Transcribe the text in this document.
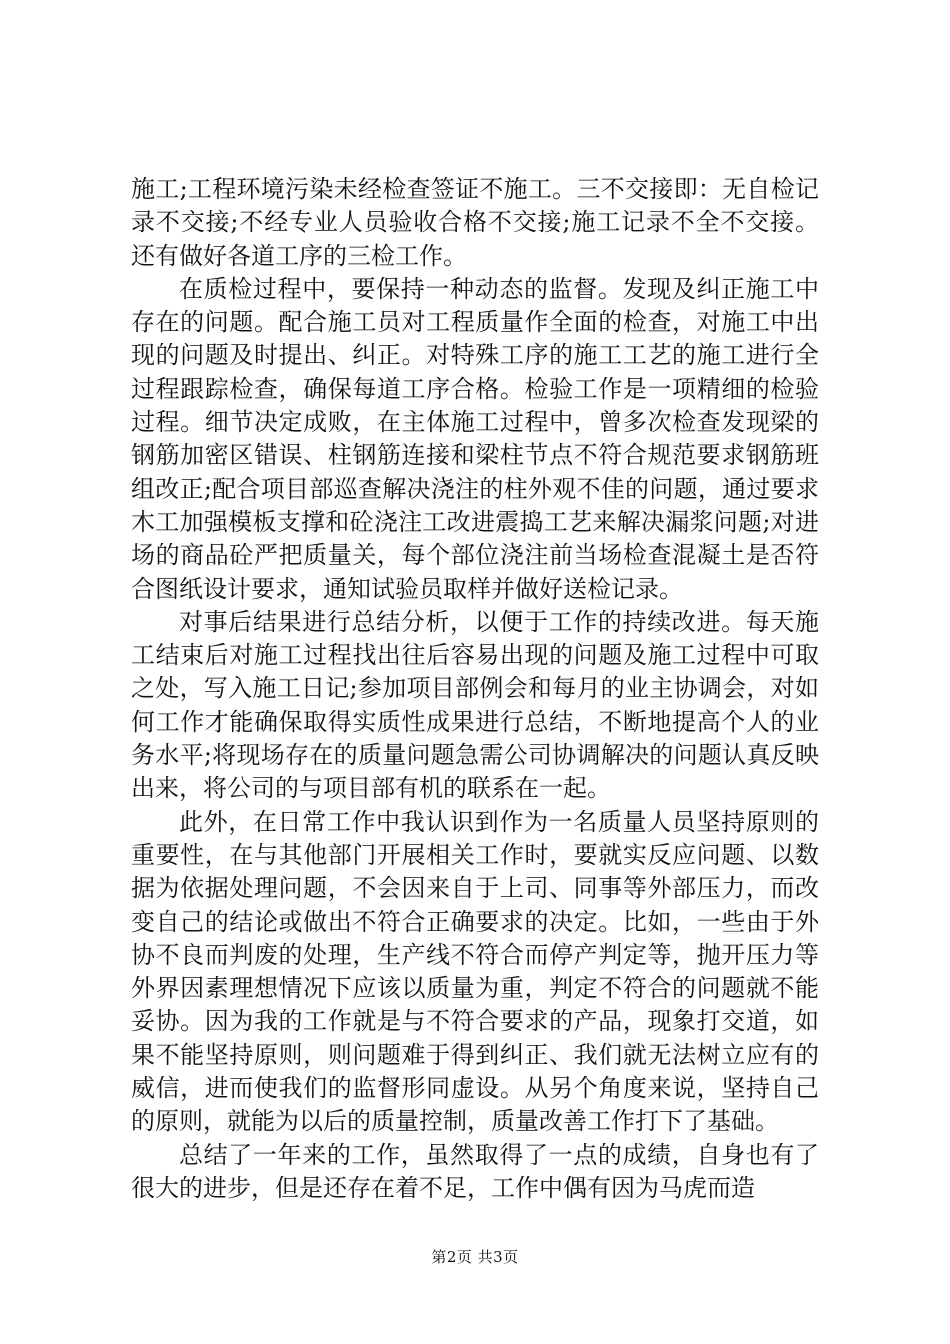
施工;工程环境污染未经检查签证不施工。三不交接即：无自检记录不交接;不经专业人员验收合格不交接;施工记录不全不交接。还有做好各道工序的三检工作。

在质检过程中，要保持一种动态的监督。发现及纠正施工中存在的问题。配合施工员对工程质量作全面的检查，对施工中出现的问题及时提出、纠正。对特殊工序的施工工艺的施工进行全过程跟踪检查，确保每道工序合格。检验工作是一项精细的检验过程。细节决定成败，在主体施工过程中，曾多次检查发现梁的钢筋加密区错误、柱钢筋连接和梁柱节点不符合规范要求钢筋班组改正;配合项目部巡查解决浇注的柱外观不佳的问题，通过要求木工加强模板支撑和砼浇注工改进震捣工艺来解决漏浆问题;对进场的商品砼严把质量关，每个部位浇注前当场检查混凝土是否符合图纸设计要求，通知试验员取样并做好送检记录。

对事后结果进行总结分析，以便于工作的持续改进。每天施工结束后对施工过程找出往后容易出现的问题及施工过程中可取之处，写入施工日记;参加项目部例会和每月的业主协调会，对如何工作才能确保取得实质性成果进行总结，不断地提高个人的业务水平;将现场存在的质量问题急需公司协调解决的问题认真反映出来，将公司的与项目部有机的联系在一起。

此外，在日常工作中我认识到作为一名质量人员坚持原则的重要性，在与其他部门开展相关工作时，要就实反应问题、以数据为依据处理问题，不会因来自于上司、同事等外部压力，而改变自己的结论或做出不符合正确要求的决定。比如，一些由于外协不良而判废的处理，生产线不符合而停产判定等，抛开压力等外界因素理想情况下应该以质量为重，判定不符合的问题就不能妥协。因为我的工作就是与不符合要求的产品，现象打交道，如果不能坚持原则，则问题难于得到纠正、我们就无法树立应有的威信，进而使我们的监督形同虚设。从另个角度来说，坚持自己的原则，就能为以后的质量控制，质量改善工作打下了基础。

总结了一年来的工作，虽然取得了一点的成绩，自身也有了很大的进步，但是还存在着不足，工作中偶有因为马虎而造

第2页 共3页
